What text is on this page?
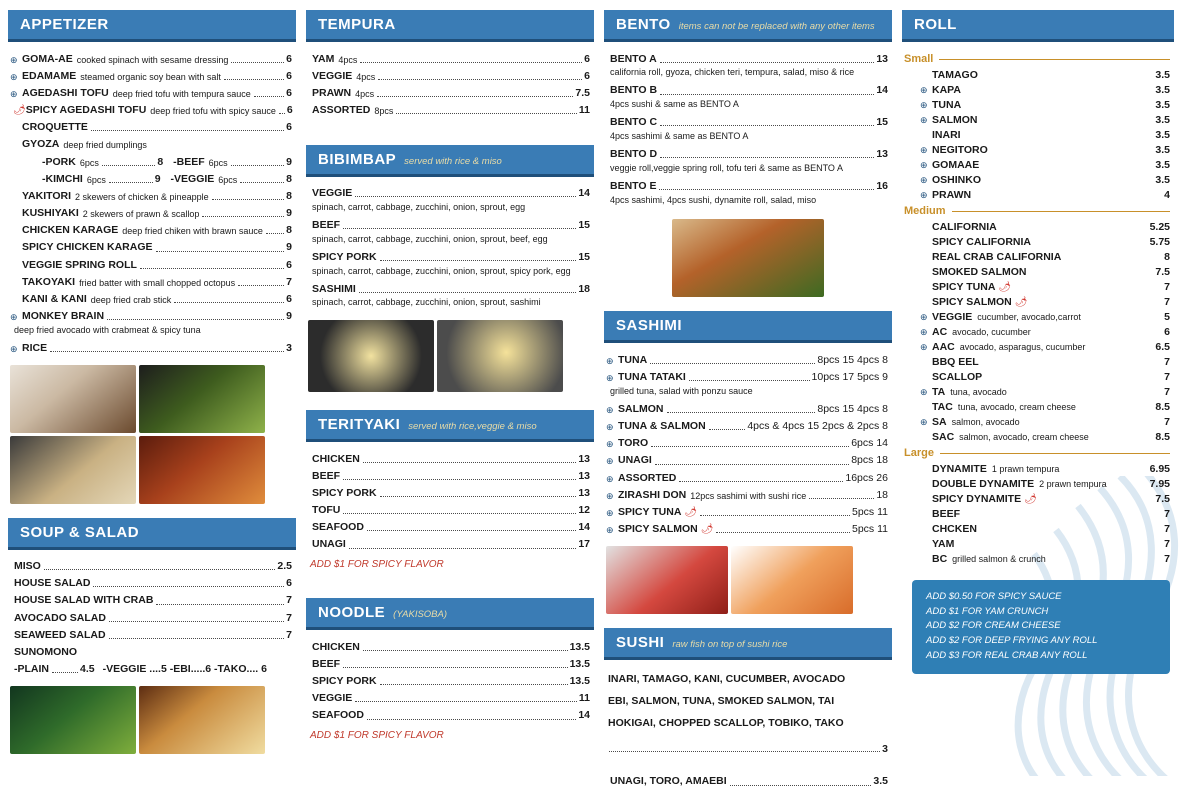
APPETIZER
⊕ GOMA-AE cooked spinach with sesame dressing	6
⊕ EDAMAME steamed organic soy bean with salt	6
⊕ AGEDASHI TOFU deep fried tofu with tempura sauce	6
🌶 SPICY AGEDASHI TOFU deep fried tofu with spicy sauce 6
CROQUETTE	6
GYOZA deep fried dumplings
-PORK 6pcs	8 -BEEF 6pcs	9
-KIMCHI 6pcs	9 -VEGGIE 6pcs	8
YAKITORI 2 skewers of chicken & pineapple	8
KUSHIYAKI 2 skewers of prawn & scallop	9
CHICKEN KARAGE deep fried chiken with brawn sauce 8
SPICY CHICKEN KARAGE	9
VEGGIE SPRING ROLL	6
TAKOYAKI fried batter with small chopped octopus	7
KANI & KANI deep fried crab stick	6
⊕ MONKEY BRAIN	9
deep fried avocado with crabmeat & spicy tuna
⊕ RICE	3
SOUP & SALAD
MISO	2.5
HOUSE SALAD	6
HOUSE SALAD WITH CRAB	7
AVOCADO SALAD	7
SEAWEED SALAD	7
SUNOMONO
-PLAIN	4.5 -VEGGIE ....5 -EBI.....6 -TAKO.... 6
TEMPURA
YAM 4pcs	6
VEGGIE 4pcs	6
PRAWN 4pcs	7.5
ASSORTED 8pcs	11
BIBIMBAP served with rice & miso
VEGGIE	14
spinach, carrot, cabbage, zucchini, onion, sprout, egg
BEEF	15
spinach, carrot, cabbage, zucchini, onion, sprout, beef, egg
SPICY PORK	15
spinach, carrot, cabbage, zucchini, onion, sprout, spicy pork, egg
SASHIMI	18
spinach, carrot, cabbage, zucchini, onion, sprout, sashimi
TERITYAKI served with rice,veggie & miso
CHICKEN	13
BEEF	13
SPICY PORK	13
TOFU	12
SEAFOOD	14
UNAGI	17
ADD $1 FOR SPICY FLAVOR
NOODLE (YAKISOBA)
CHICKEN	13.5
BEEF	13.5
SPICY PORK	13.5
VEGGIE	11
SEAFOOD	14
ADD $1 FOR SPICY FLAVOR
BENTO items can not be replaced with any other items
BENTO A	13
california roll, gyoza, chicken teri, tempura, salad, miso & rice
BENTO B	14
4pcs sushi & same as BENTO A
BENTO C	15
4pcs sashimi & same as BENTO A
BENTO D	13
veggie roll,veggie spring roll, tofu teri & same as BENTO A
BENTO E	16
4pcs sashimi, 4pcs sushi, dynamite roll, salad, miso
SASHIMI
⊕ TUNA	8pcs 15 4pcs 8
⊕ TUNA TATAKI	10pcs 17 5pcs 9
grilled tuna, salad with ponzu sauce
⊕ SALMON	8pcs 15 4pcs 8
⊕ TUNA & SALMON	4pcs & 4pcs 15 2pcs & 2pcs 8
⊕ TORO	6pcs 14
⊕ UNAGI	8pcs 18
⊕ ASSORTED	16pcs 26
⊕ ZIRASHI DON 12pcs sashimi with sushi rice	18
⊕ SPICY TUNA 🌶	5pcs 11
⊕ SPICY SALMON 🌶	5pcs 11
SUSHI raw fish on top of sushi rice
INARI, TAMAGO, KANI, CUCUMBER, AVOCADO
EBI, SALMON, TUNA, SMOKED SALMON, TAI
HOKIGAI, CHOPPED SCALLOP, TOBIKO, TAKO
3
UNAGI, TORO, AMAEBI	3.5
ROLL
Small
TAMAGO	3.5
⊕ KAPA	3.5
⊕ TUNA	3.5
⊕ SALMON	3.5
INARI	3.5
⊕ NEGITORO	3.5
⊕ GOMAAE	3.5
⊕ OSHINKO	3.5
⊕ PRAWN	4
Medium
CALIFORNIA	5.25
SPICY CALIFORNIA	5.75
REAL CRAB CALIFORNIA	8
SMOKED SALMON	7.5
SPICY TUNA 🌶	7
SPICY SALMON 🌶	7
⊕ VEGGIE cucumber, avocado,carrot	5
⊕ AC avocado, cucumber	6
⊕ AAC avocado, asparagus, cucumber	6.5
BBQ EEL	7
SCALLOP	7
⊕ TA tuna, avocado	7
TAC tuna, avocado, cream cheese	8.5
⊕ SA salmon, avocado	7
SAC salmon, avocado, cream cheese	8.5
Large
DYNAMITE 1 prawn tempura	6.95
DOUBLE DYNAMITE 2 prawn tempura	7.95
SPICY DYNAMITE 🌶	7.5
BEEF	7
CHCKEN	7
YAM	7
BC grilled salmon & crunch	7
ADD $0.50 FOR SPICY SAUCE
ADD $1 FOR YAM CRUNCH
ADD $2 FOR CREAM CHEESE
ADD $2 FOR DEEP FRYING ANY ROLL
ADD $3 FOR REAL CRAB ANY ROLL
